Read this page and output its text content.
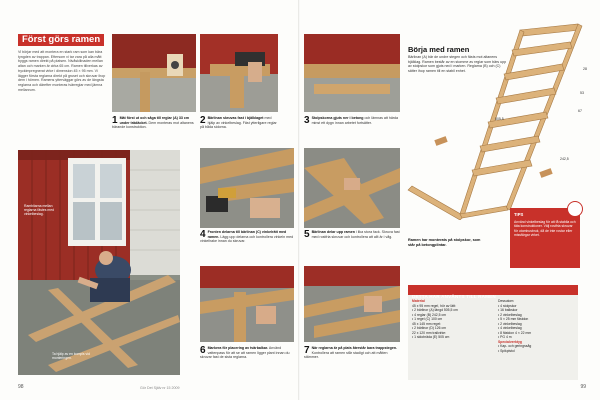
Först görs ramen

Vi börjar med att montera en stark ram som kan bära tyngden av trappan. Eftersom vi tar vara på alla mått byggs ramen direkt på platsen. Nivåskillnaden mellan altan och marken är cirka 65 cm. Ramen tillverkas av tryckimpregnerat virke i dimension 45 × 95 mm. Vi lägger första reglarna direkt på gruset och skruvar ihop dem i hörnen. Ramens ytterväggar görs av de längsta reglarna och därefter monteras tvärreglar med jämna mellanrum.

Rambitarna mellan reglarna fästes med vinkelbeslag.
Ta hjälp av en kompis vid monteringen.

1 Mät först ut och såga till reglar (A) 33 cm under trädäcket. Dem monteras mot altanens bärande konstruktion.

2 Bärlinan skruvas fast i bjälklaget med hjälp av vinkelbeslag. Fäst ytterligare reglar på båda sidorna.

4 Fronten delarna till bärlinan (C) vinkelrätt med ramen. Lägg upp delarna och kontrollera vinkeln med vinkelhake innan du skruvar.

6 Markera för placering av tvärbalkar. Använd vattenpass för att se att ramen ligger plant innan du skruvar fast de sista reglarna.

98	Gör Det Själv nr 15 2009

3 Stolpskorna gjuts ner i betong och lämnas att härda minst ett dygn innan arbetet fortsätter.

5 Bärlinan delar upp ramen i lika stora fack. Skruva fast med rostfria skruvar och kontrollera att allt är i våg.

7 När reglarna är på plats återstår bara trappstegen. Kontrollera att ramen står stadigt och att måtten stämmer.

99
Börja med ramen

Bärlinan (A) bär de undre stegen och fästs mot altanens bjälklag. Ramen består av en stomme av reglar som bärs upp av stolpskor som gjuts ned i marken. Reglarna (B) och (C) sätter ihop ramen till en stabil enhet.

505,5
242,5
67
53
28
Ramen har monterats på stolpskor, som står på betongplintar.
TIPS
Använd vinkelbeslag för att få stabila och täta konstruktioner. Välj rostfria skruvar för utomhusbruk, då de inte rostar eller missfärgar virket.
DETTA HAR ANVÄNTS TILL RAMEN
Material
45 x 95 mm regel, hör av lätt:
• 2 bärlinor (A) längd 505,5 cm
• 4 reglar (B) 242,5 cm
• 1 regel (C) 100 cm
45 x 145 mm regel:
• 2 bärlinor (D) 126 cm
22 x 120 mm trallvirke:
• 1 sidobräda (E) 505 cm
Dessutom:
• 4 stolpskor
• 16 balkskor
• 2 vinkelbeslag
• 5 × 25 mm fästdon
• 2 vinkelbeslag
• 4 vinkelbeslag
• 8 fästdon 4 × 22 mm
• PG 4 m
Specialverktyg
• Kap- och geringssåg
• Spikpistol
